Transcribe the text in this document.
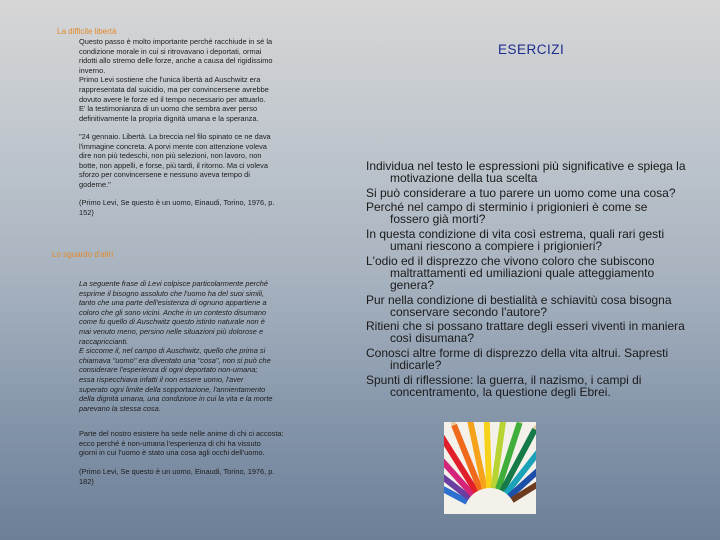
La difficile libertà
Questo passo è molto importante perché racchiude in sé la
condizione morale in cui si ritrovavano i deportati, ormai
ridotti allo stremo delle forze, anche a causa del rigidissimo
inverno.
Primo Levi sostiene che l'unica libertà ad Auschwitz era
rappresentata dal suicidio, ma per convincersene avrebbe
dovuto avere le forze ed il tempo necessario per attuarlo.
E' la testimonianza di un uomo che sembra aver perso
definitivamente la propria dignità umana e la speranza.
"24 gennaio. Libertà. La breccia nel filo spinato ce ne dava
l'immagine concreta. A porvi mente con attenzione voleva
dire non più tedeschi, non più selezioni, non lavoro, non
botte, non appelli, e forse, più tardi, il ritorno. Ma ci voleva
sforzo per convincersene e nessuno aveva tempo di
goderne."
(Primo Levi, Se questo è un uomo, Einaudi, Torino, 1976, p.
152)
Lo sguardo d'altri
La seguente frase di Levi colpisce particolarmente perché
esprime il bisogno assoluto che l'uomo ha del suoi simili,
tanto che una parte dell'esistenza di ognuno appartiene a
coloro che gli sono vicini. Anche in un contesto disumano
come fu quello di Auschwitz questo istinto naturale non è
mai venuto meno, persino nelle situazioni più dolorose e
raccapriccianti.
E siccome il, nel campo di Auschwitz, quello che prima si
chiamava "uomo" era diventato una "cosa", non si può che
considerare l'esperienza di ogni deportato non-umana;
essa rispecchiava infatti il non essere uomo, l'aver
superato ogni limite della sopportazione, l'annientamento
della dignità umana, una condizione in cui la vita e la morte
parevano la stessa cosa.
Parte del nostro esistere ha sede nelle anime di chi ci accosta:
ecco perché è non-umana l'esperienza di chi ha vissuto
giorni in cui l'uomo è stato una cosa agli occhi dell'uomo.
(Primo Levi, Se questo è un uomo, Einaudi, Torino, 1976, p.
182)
ESERCIZI
Individua nel testo le espressioni più significative e spiega la
motivazione della tua scelta
Si può considerare a tuo parere un uomo come una cosa?
Perché nel campo di sterminio i prigionieri è come se
fossero già morti?
In questa condizione di vita così estrema, quali rari gesti
umani riescono a compiere i prigionieri?
L'odio ed il disprezzo che vivono coloro che subiscono
maltrattamenti ed umiliazioni quale atteggiamento
genera?
Pur nella condizione di bestialità e schiavitù cosa bisogna
conservare secondo l'autore?
Ritieni che si possano trattare degli esseri viventi in maniera
così disumana?
Conosci altre forme di disprezzo della vita altrui. Sapresti
indicarle?
Spunti di riflessione: la guerra, il nazismo, i campi di
concentramento, la questione degli Ebrei.
